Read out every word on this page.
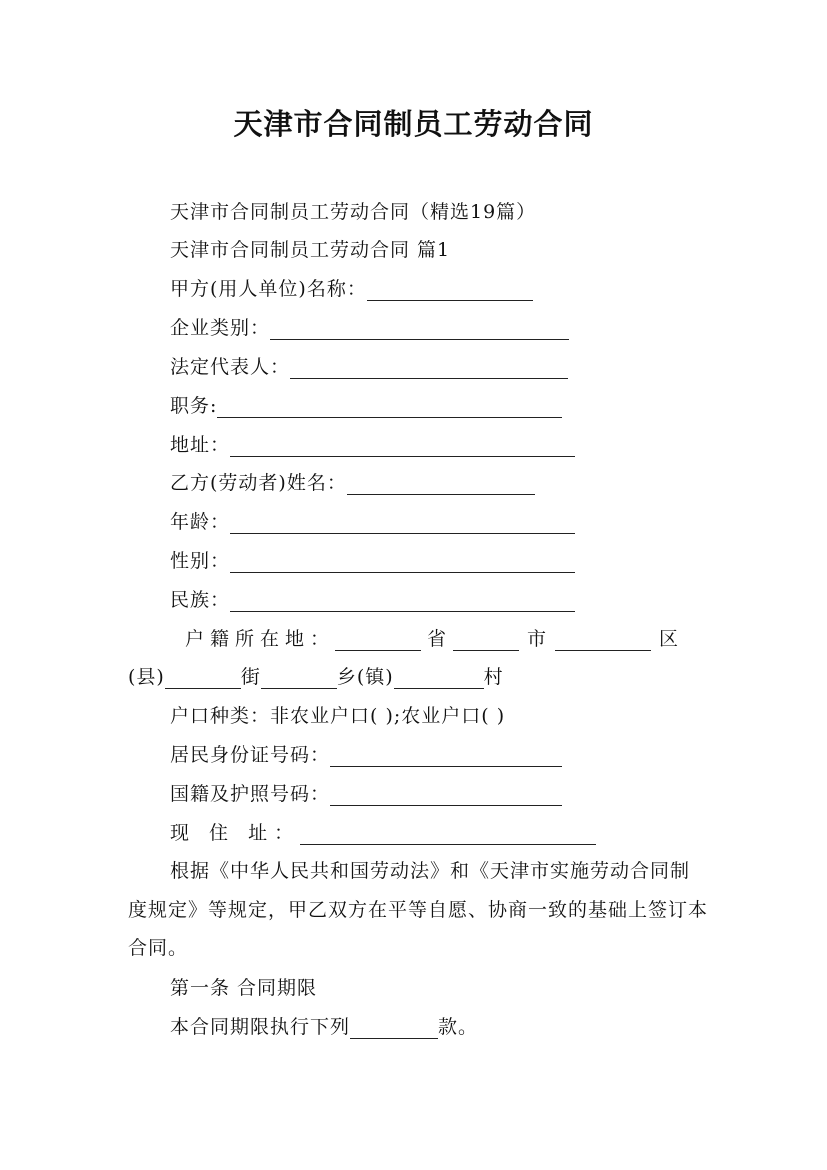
天津市合同制员工劳动合同
天津市合同制员工劳动合同（精选19篇）
天津市合同制员工劳动合同 篇1
甲方(用人单位)名称：
企业类别：
法定代表人：
职务:
地址：
乙方(劳动者)姓名：
年龄：
性别：
民族：
户籍所在地：	省	市	区
(县)	街	乡(镇)	村
户口种类：非农业户口( );农业户口( )
居民身份证号码：
国籍及护照号码：
现 住 址：
根据《中华人民共和国劳动法》和《天津市实施劳动合同制度规定》等规定，甲乙双方在平等自愿、协商一致的基础上签订本合同。
第一条 合同期限
本合同期限执行下列	款。
